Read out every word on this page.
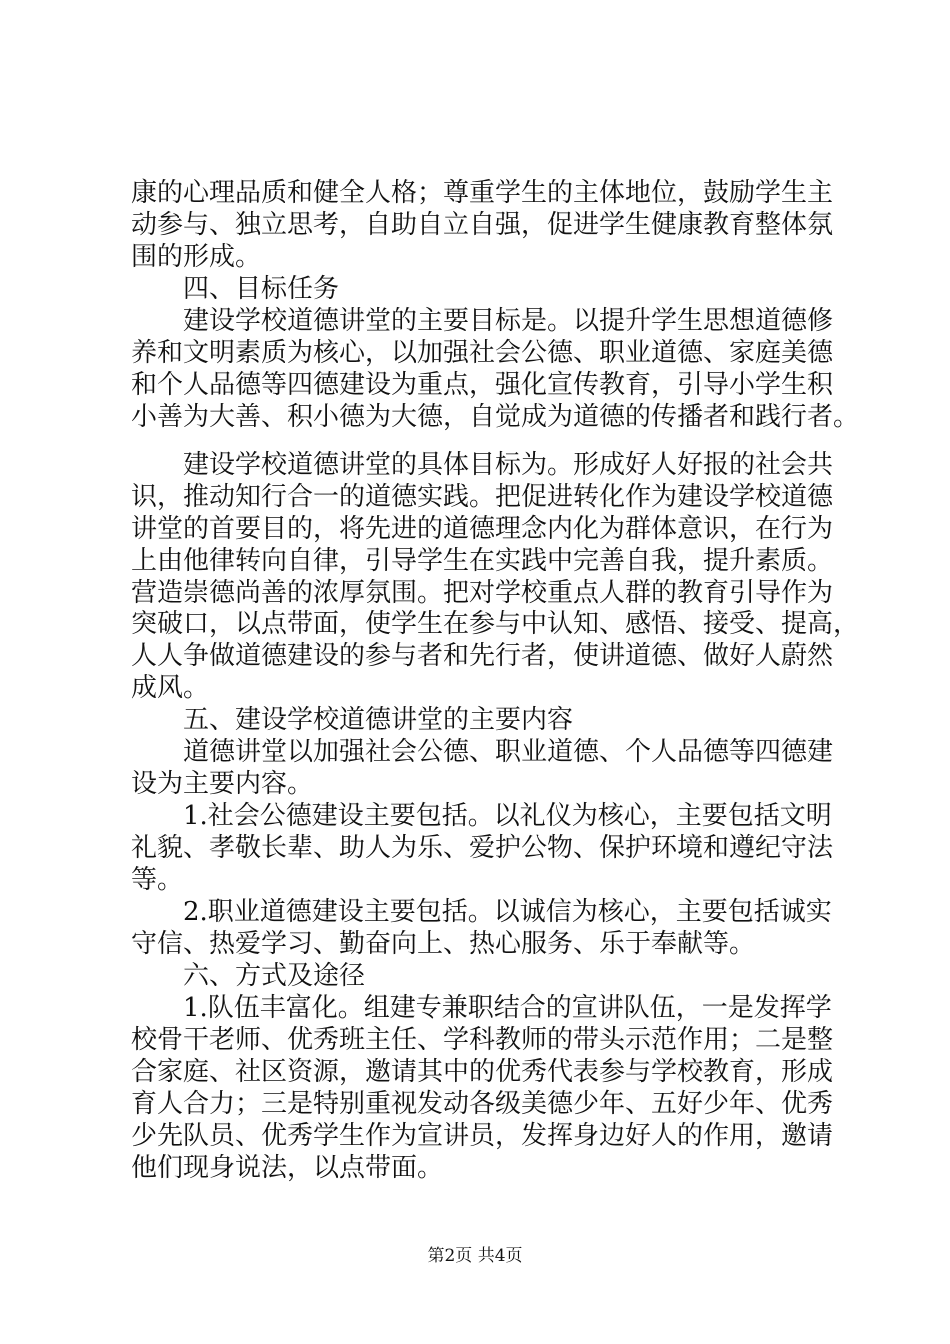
康的心理品质和健全人格；尊重学生的主体地位，鼓励学生主
动参与、独立思考，自助自立自强，促进学生健康教育整体氛
围的形成。
　　四、目标任务
　　建设学校道德讲堂的主要目标是。以提升学生思想道德修
养和文明素质为核心，以加强社会公德、职业道德、家庭美德
和个人品德等四德建设为重点，强化宣传教育，引导小学生积
小善为大善、积小德为大德，自觉成为道德的传播者和践行者。
　　建设学校道德讲堂的具体目标为。形成好人好报的社会共
识，推动知行合一的道德实践。把促进转化作为建设学校道德
讲堂的首要目的，将先进的道德理念内化为群体意识，在行为
上由他律转向自律，引导学生在实践中完善自我，提升素质。
营造崇德尚善的浓厚氛围。把对学校重点人群的教育引导作为
突破口，以点带面，使学生在参与中认知、感悟、接受、提高，
人人争做道德建设的参与者和先行者，使讲道德、做好人蔚然
成风。
　　五、建设学校道德讲堂的主要内容
　　道德讲堂以加强社会公德、职业道德、个人品德等四德建
设为主要内容。
　　1.社会公德建设主要包括。以礼仪为核心，主要包括文明
礼貌、孝敬长辈、助人为乐、爱护公物、保护环境和遵纪守法
等。
　　2.职业道德建设主要包括。以诚信为核心，主要包括诚实
守信、热爱学习、勤奋向上、热心服务、乐于奉献等。
　　六、方式及途径
　　1.队伍丰富化。组建专兼职结合的宣讲队伍，一是发挥学
校骨干老师、优秀班主任、学科教师的带头示范作用；二是整
合家庭、社区资源，邀请其中的优秀代表参与学校教育，形成
育人合力；三是特别重视发动各级美德少年、五好少年、优秀
少先队员、优秀学生作为宣讲员，发挥身边好人的作用，邀请
他们现身说法，以点带面。
第2页 共4页
